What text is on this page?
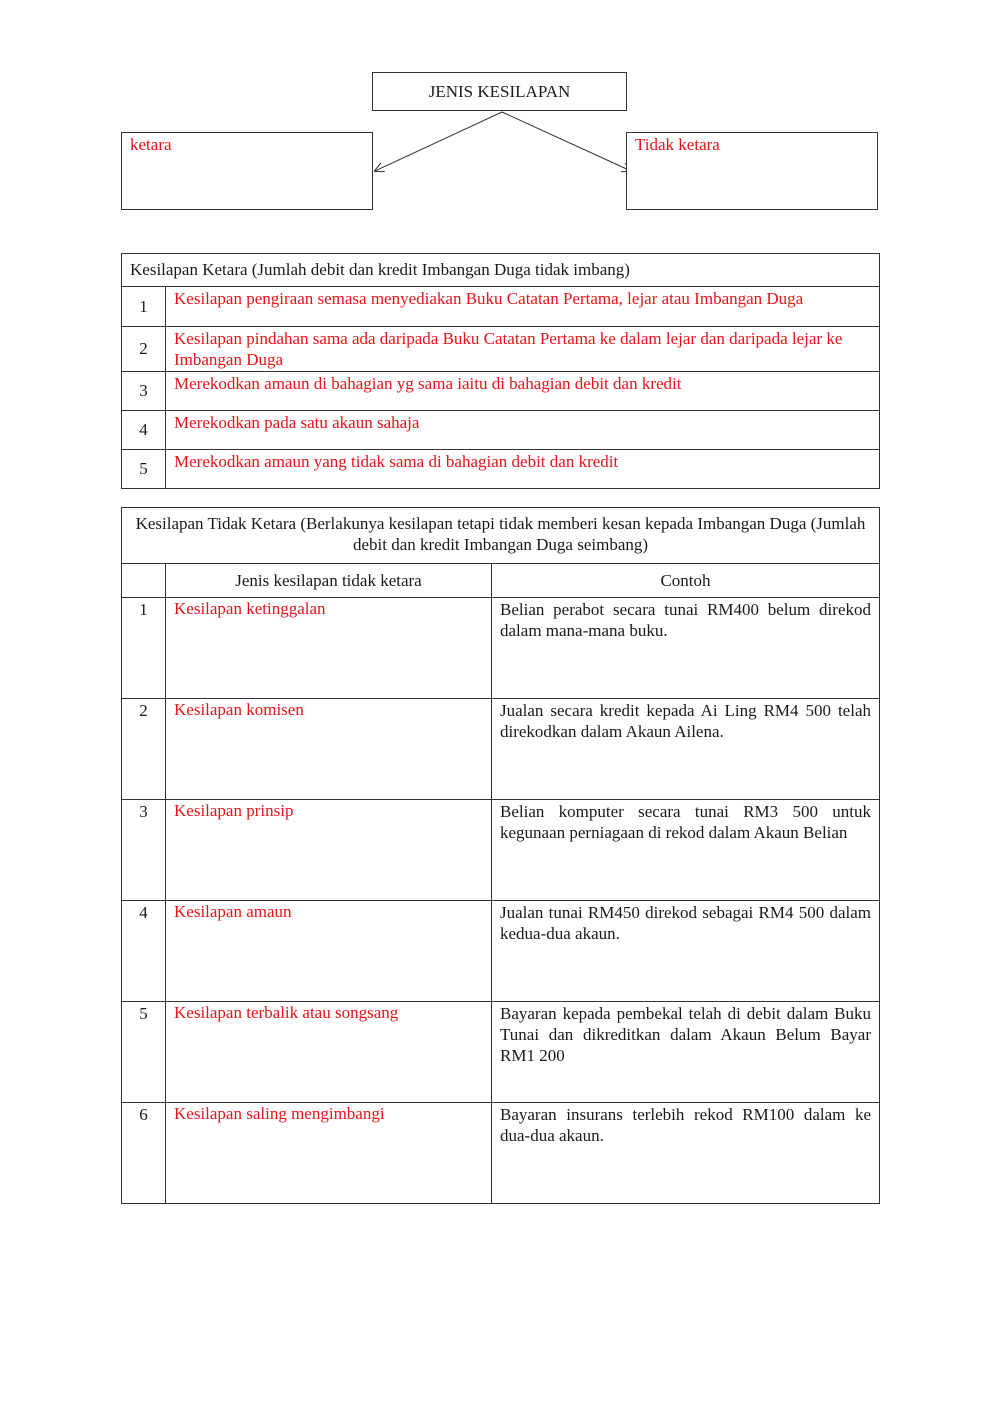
JENIS KESILAPAN
ketara	Tidak ketara
Kesilapan Ketara (Jumlah debit dan kredit Imbangan Duga tidak imbang)	
1	Kesilapan pengiraan semasa menyediakan Buku Catatan Pertama, lejar atau Imbangan Duga
2	Kesilapan pindahan sama ada daripada Buku Catatan Pertama ke dalam lejar dan daripada lejar ke Imbangan Duga
3	Merekodkan amaun di bahagian yg sama iaitu di bahagian debit dan kredit
4	Merekodkan pada satu akaun sahaja
5	Merekodkan amaun yang tidak sama di bahagian debit dan kredit
Kesilapan Tidak Ketara (Berlakunya kesilapan tetapi tidak memberi kesan kepada Imbangan Duga (Jumlah debit dan kredit Imbangan Duga seimbang)		
	Jenis kesilapan tidak ketara	Contoh
1	Kesilapan ketinggalan	Belian perabot secara tunai RM400 belum direkod dalam mana-mana buku.
2	Kesilapan komisen	Jualan secara kredit kepada Ai Ling RM4 500 telah direkodkan dalam Akaun Ailena.
3	Kesilapan prinsip	Belian komputer secara tunai RM3 500 untuk kegunaan perniagaan di rekod dalam Akaun Belian
4	Kesilapan amaun	Jualan tunai RM450 direkod sebagai RM4 500 dalam kedua-dua akaun.
5	Kesilapan terbalik atau songsang	Bayaran kepada pembekal telah di debit dalam Buku Tunai dan dikreditkan dalam Akaun Belum Bayar RM1 200
6	Kesilapan saling mengimbangi	Bayaran insurans terlebih rekod RM100 dalam ke dua-dua akaun.
